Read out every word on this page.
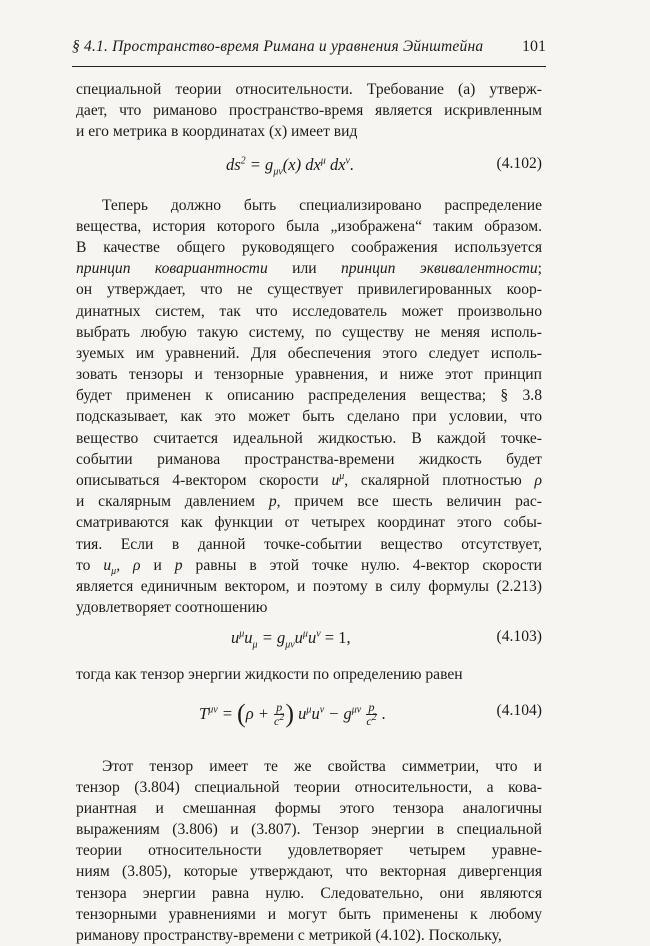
§ 4.1. Пространство-время Римана и уравнения Эйнштейна 101
специальной теории относительности. Требование (a) утверж-
дает, что риманово пространство-время является искривленным
и его метрика в координатах (x) имеет вид
$ds^2 = g_{\mu\nu}(x)$ $dx^\mu$ $dx^\nu$.	(4.102)
Теперь должно быть специализировано распределение
вещества, история которого была „изображена“ таким образом.
В качестве общего руководящего соображения используется
принцип ковариантности или принцип эквивалентности;
он утверждает, что не существует привилегированных коор-
динатных систем, так что исследователь может произвольно
выбрать любую такую систему, по существу не меняя исполь-
зуемых им уравнений. Для обеспечения этого следует исполь-
зовать тензоры и тензорные уравнения, и ниже этот принцип
будет применен к описанию распределения вещества; § 3.8
подсказывает, как это может быть сделано при условии, что
вещество считается идеальной жидкостью. В каждой точке-
событии риманова пространства-времени жидкость будет
описываться 4-вектором скорости $u^\mu$, скалярной плотностью ρ
и скалярным давлением p, причем все шесть величин рас-
сматриваются как функции от четырех координат этого собы-
тия. Если в данной точке-событии вещество отсутствует,
то $u_\mu$, ρ и p равны в этой точке нулю. 4-вектор скорости
является единичным вектором, и поэтому в силу формулы (2.213)
удовлетворяет соотношению
$u^\mu u_\mu = g_{\mu\nu}u^\mu u^\nu = 1$,	(4.103)
тогда как тензор энергии жидкости по определению равен
$T^{\mu\nu} = (\rho + \frac{p}{c^2}$ ) $u^\mu u^\nu - g^{\mu\nu} \frac{p}{c^2}$ .	(4.104)
Этот тензор имеет те же свойства симметрии, что и
тензор (3.804) специальной теории относительности, а кова-
риантная и смешанная формы этого тензора аналогичны
выражениям (3.806) и (3.807). Тензор энергии в специальной
теории относительности удовлетворяет четырем уравне-
ниям (3.805), которые утверждают, что векторная дивергенция
тензора энергии равна нулю. Следовательно, они являются
тензорными уравнениями и могут быть применены к любому
риманову пространству-времени с метрикой (4.102). Поскольку,
